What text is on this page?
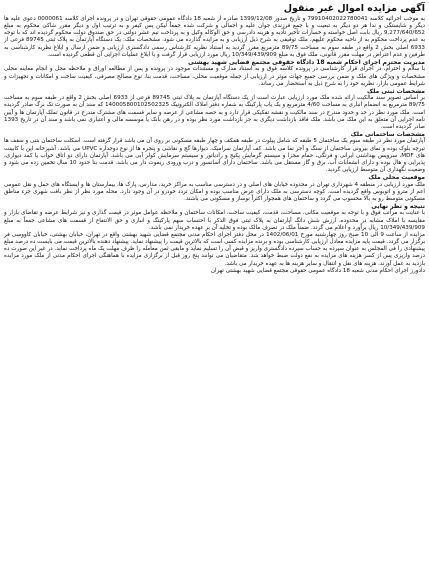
آگهی مزایده اموال غیر منقول

به موجب اجرائیه کلاسه 9910402022780041‏7 و تاریخ صدور 1399/12/08 صادره از شعبه 18 دادگاه عمومی حقوقی تهران و در پرونده اجرای کلاسه 0000061 دعوی علیه ها دیگر و شایستگی و ندا هر دو دیگر به تبعیت و با جمع فرزندی جوان علیه و اجمالی و شرکت شده جمعاً لیکن پس کیفر و به ترتیب اول و دیگر مقرر شاکی محکوم به مبلغ 9,277/640/652 ریال بابت اصل خواسته و خسارات تأخیر تأدیه و هزینه دادرسی و حق الوکاله وکیل و به پرداخت نیم عشر دولتی در حق صندوق دولت محکوم گردیده اند که با توجه به عدم پرداخت محکوم به از ناحیه محکوم علیهم، ملک توقیفی به شرح ذیل ارزیابی و به مزایده گذارده می شود. مشخصات ملک: یک دستگاه آپارتمان به پلاک ثبتی 89745 فرعی از 6933 اصلی بخش 2 واقع در طبقه سوم به مساحت 89/75 مترمربع مقرر گردید به استناد نظریه کارشناس رسمی دادگستری ارزیابی و ضمن ارسال و ابلاغ نظریه کارشناسی به طرفین و عدم اعتراض در مهلت مقرر قانونی، ملک فوق به مبلغ 10/349/439/909 ریال مورد ارزیابی قرار گرفت و با ابلاغ عملیات اجرایی آن قطعی گردیده است.

مدیریت محترم اجرای احکام شعبه 18 دادگاه حقوقی مجتمع قضایی شهید بهشتی

با سلام و احترام، در اجرای قرار کارشناسی در پرونده کلاسه فوق و به استناد مدارک و مستندات موجود در پرونده و پس از مطالعه اوراق و ملاحظه محل و انجام معاینه محلی مشخصات و ویژگی های ملک و ضمن بررسی جمیع جهات موثر در ارزیابی از جمله موقعیت محلی، مساحت، قدمت بنا، نوع مصالح مصرفی، کیفیت ساخت و امکانات و تجهیزات و شرایط عمومی بازار، نظریه خود را به شرح ذیل به استحضار می رساند.

مشخصات ثبتی ملک

بر اساس تصویر سند مالکیت ارائه شده ملک مورد ارزیابی عبارت است از یک دستگاه آپارتمان به پلاک ثبتی 89745 فرعی از 6933 اصلی بخش 2 واقع در طبقه سوم به مساحت 89/75 مترمربع به انضمام انباری به مساحت 4/60 مترمربع و یک باب پارکینگ به شماره دفتر املاک الکترونیک 140005800102502325 که سند آن به صورت تک برگ صادر گردیده است. ملک مورد نظر در حد و حدود مندرج در سند مالکیت و نقشه تفکیکی قرار دارد و به حصه مشاعی از عرصه و سایر قسمت های مشترک مندرج در قانون تملک آپارتمان ها و آیین نامه اجرایی آن متعلق به این ملک می باشد. ملک فاقد بازداشت دیگری به جز بازداشت مورد نظر بوده و در رهن بانک یا موسسه مالی و اعتباری نمی باشد و سند آن در تاریخ 1393 صادر گردیده است.

مشخصات ساختمانی ملک

آپارتمان مورد نظر در طبقه سوم یک ساختمان 5 طبقه که شامل پیلوت در طبقه همکف و چهار طبقه مسکونی بر روی آن می باشد قرار گرفته است. اسکلت ساختمان بتنی و سقف ها تیرچه بلوک بوده و نمای بیرونی ساختمان از سنگ و آجر نما می باشد. کف آپارتمان سرامیک، دیوارها گچ و نقاشی و پنجره ها از نوع دوجداره UPVC می باشد. آشپزخانه اپن با کابینت های MDF، سرویس بهداشتی ایرانی و فرنگی، حمام مجزا و سیستم گرمایش پکیج و رادیاتور و سیستم سرمایش کولر آبی می باشد. آپارتمان دارای دو اتاق خواب با کمد دیواری، پذیرایی و هال بوده و دارای انشعابات آب، برق و گاز مستقل می باشد. ساختمان دارای آسانسور و درب ورودی ریموت دار می باشد. قدمت بنا حدود 10 سال تخمین زده می شود و وضعیت نگهداری آن متوسط ارزیابی گردید.

موقعیت محلی ملک

ملک مورد ارزیابی در منطقه 4 شهرداری تهران در محدوده خیابان های اصلی و در دسترسی مناسب به مراکز خرید، مدارس، پارک ها، بیمارستان ها و ایستگاه های حمل و نقل عمومی اعم از مترو و اتوبوس واقع گردیده است. کوچه دسترسی به ملک دارای عرض مناسب بوده و امکان تردد خودرو در آن وجود دارد. محله مورد نظر از نظر بافت شهری جزء مناطق مسکونی متوسط رو به بالا محسوب می گردد و ساختمان های همجوار اکثراً نوساز و مسکونی می باشند.

نتیجه و نظر نهایی

با عنایت به مراتب فوق و با توجه به موقعیت مکانی، مساحت، قدمت، کیفیت ساخت، امکانات ساختمان و ملاحظه عوامل موثر در قیمت گذاری و نیز شرایط عرضه و تقاضای بازار و مقایسه با املاک مشابه در محدوده، ارزش شش دانگ آپارتمان به پلاک ثبتی فوق الذکر با احتساب سهم پارکینگ و انباری و حق الانتفاع از قسمت های مشاعی جمعاً به مبلغ 10/349/439/909 ریال برآورد و اعلام می گردد. ضمناً ملک در تصرف مالک بوده و تخلیه آن بر عهده خریدار نمی باشد.

مزایده از ساعت 9 الی 10 صبح روز چهارشنبه مورخ 1402/06/01 در محل دفتر اجرای احکام مدنی مجتمع قضایی شهید بهشتی واقع در تهران، خیابان بهشتی، خیابان کاووسی فر برگزار می گردد. قیمت پایه مزایده معادل ارزیابی کارشناسی بوده و برنده مزایده کسی است که بالاترین قیمت را پیشنهاد نماید. پیشنهاد دهنده بالاترین قیمت می بایست ده درصد مبلغ پیشنهادی را فی المجلس به عنوان سپرده به حساب سپرده دادگستری واریز و قبض آن را تسلیم نماید و مابقی ثمن معامله را ظرف مهلت یک ماه پرداخت نماید. در غیر این صورت ده درصد واریزی پس از کسر هزینه های مزایده به نفع دولت ضبط خواهد شد. متقاضیان می توانند پنج روز قبل از برگزاری مزایده با هماهنگی اجرای احکام مدنی از ملک مورد مزایده بازدید به عمل آورند. هزینه های نقل و انتقال و سایر هزینه ها به عهده خریدار می باشد.

دادورز اجرای احکام مدنی شعبه 18 دادگاه عمومی حقوقی مجتمع قضایی شهید بهشتی تهران
